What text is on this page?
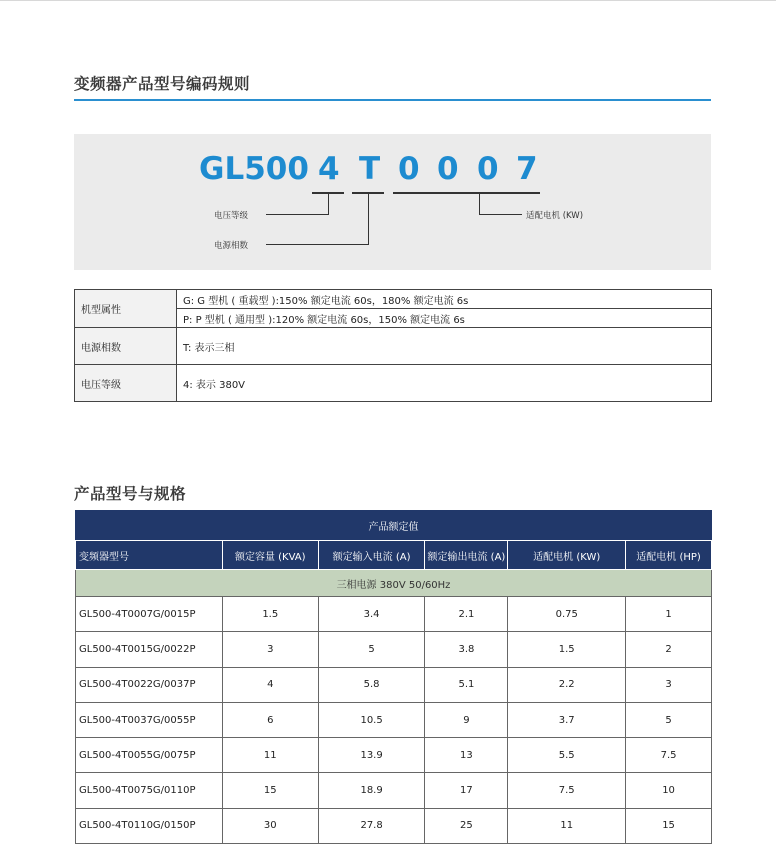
变频器产品型号编码规则
GL500 4 T 0 0 0 7
电压等级
电源相数
适配电机 (KW)
机型属性	G: G 型机 ( 重载型 ):150% 额定电流 60s，180% 额定电流 6s
	P: P 型机 ( 通用型 ):120% 额定电流 60s，150% 额定电流 6s
电源相数	T: 表示三相
电压等级	4: 表示 380V
产品型号与规格
产品额定值					
变频器型号	额定容量 (KVA)	额定输入电流 (A)	额定输出电流 (A)	适配电机 (KW)	适配电机 (HP)
三相电源 380V 50/60Hz					
GL500-4T0007G/0015P	1.5	3.4	2.1	0.75	1
GL500-4T0015G/0022P	3	5	3.8	1.5	2
GL500-4T0022G/0037P	4	5.8	5.1	2.2	3
GL500-4T0037G/0055P	6	10.5	9	3.7	5
GL500-4T0055G/0075P	11	13.9	13	5.5	7.5
GL500-4T0075G/0110P	15	18.9	17	7.5	10
GL500-4T0110G/0150P	30	27.8	25	11	15
